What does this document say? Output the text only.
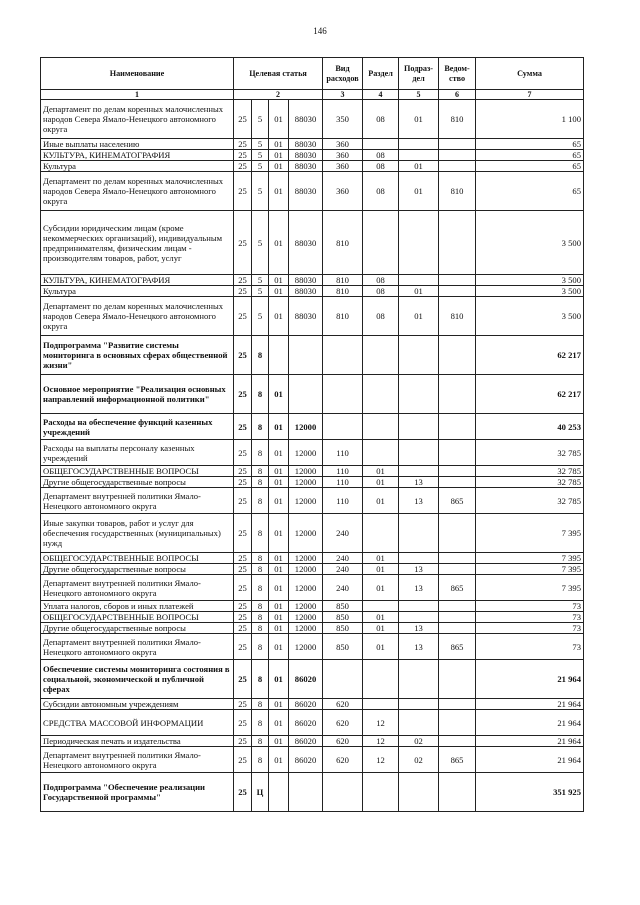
146
Наименование	Целевая статья				Вид расходов	Раздел	Подраз-дел	Ведом-ство	Сумма
1	2				3	4	5	6	7
Департамент по делам коренных малочисленных народов Севера Ямало-Ненецкого автономного округа	25	5	01	88030	350	08	01	810	1 100
Иные выплаты населению	25	5	01	88030	360				65
КУЛЬТУРА, КИНЕМАТОГРАФИЯ	25	5	01	88030	360	08			65
Культура	25	5	01	88030	360	08	01		65
Департамент по делам коренных малочисленных народов Севера Ямало-Ненецкого автономного округа	25	5	01	88030	360	08	01	810	65
Субсидии юридическим лицам (кроме некоммерческих организаций), индивидуальным предпринимателям, физическим лицам - производителям товаров, работ, услуг	25	5	01	88030	810				3 500
КУЛЬТУРА, КИНЕМАТОГРАФИЯ	25	5	01	88030	810	08			3 500
Культура	25	5	01	88030	810	08	01		3 500
Департамент по делам коренных малочисленных народов Севера Ямало-Ненецкого автономного округа	25	5	01	88030	810	08	01	810	3 500
Подпрограмма "Развитие системы мониторинга в основных сферах общественной жизни"	25	8							62 217
Основное мероприятие "Реализация основных направлений информационной политики"	25	8	01						62 217
Расходы на обеспечение функций казенных учреждений	25	8	01	12000					40 253
Расходы на выплаты персоналу казенных учреждений	25	8	01	12000	110				32 785
ОБЩЕГОСУДАРСТВЕННЫЕ ВОПРОСЫ	25	8	01	12000	110	01			32 785
Другие общегосударственные вопросы	25	8	01	12000	110	01	13		32 785
Департамент внутренней политики Ямало-Ненецкого автономного округа	25	8	01	12000	110	01	13	865	32 785
Иные закупки товаров, работ и услуг для обеспечения государственных (муниципальных) нужд	25	8	01	12000	240				7 395
ОБЩЕГОСУДАРСТВЕННЫЕ ВОПРОСЫ	25	8	01	12000	240	01			7 395
Другие общегосударственные вопросы	25	8	01	12000	240	01	13		7 395
Департамент внутренней политики Ямало-Ненецкого автономного округа	25	8	01	12000	240	01	13	865	7 395
Уплата налогов, сборов и иных платежей	25	8	01	12000	850				73
ОБЩЕГОСУДАРСТВЕННЫЕ ВОПРОСЫ	25	8	01	12000	850	01			73
Другие общегосударственные вопросы	25	8	01	12000	850	01	13		73
Департамент внутренней политики Ямало-Ненецкого автономного округа	25	8	01	12000	850	01	13	865	73
Обеспечение системы мониторинга состояния в социальной, экономической и публичной сферах	25	8	01	86020					21 964
Субсидии автономным учреждениям	25	8	01	86020	620				21 964
СРЕДСТВА МАССОВОЙ ИНФОРМАЦИИ	25	8	01	86020	620	12			21 964
Периодическая печать и издательства	25	8	01	86020	620	12	02		21 964
Департамент внутренней политики Ямало-Ненецкого автономного округа	25	8	01	86020	620	12	02	865	21 964
Подпрограмма "Обеспечение реализации Государственной программы"	25	Ц							351 925
